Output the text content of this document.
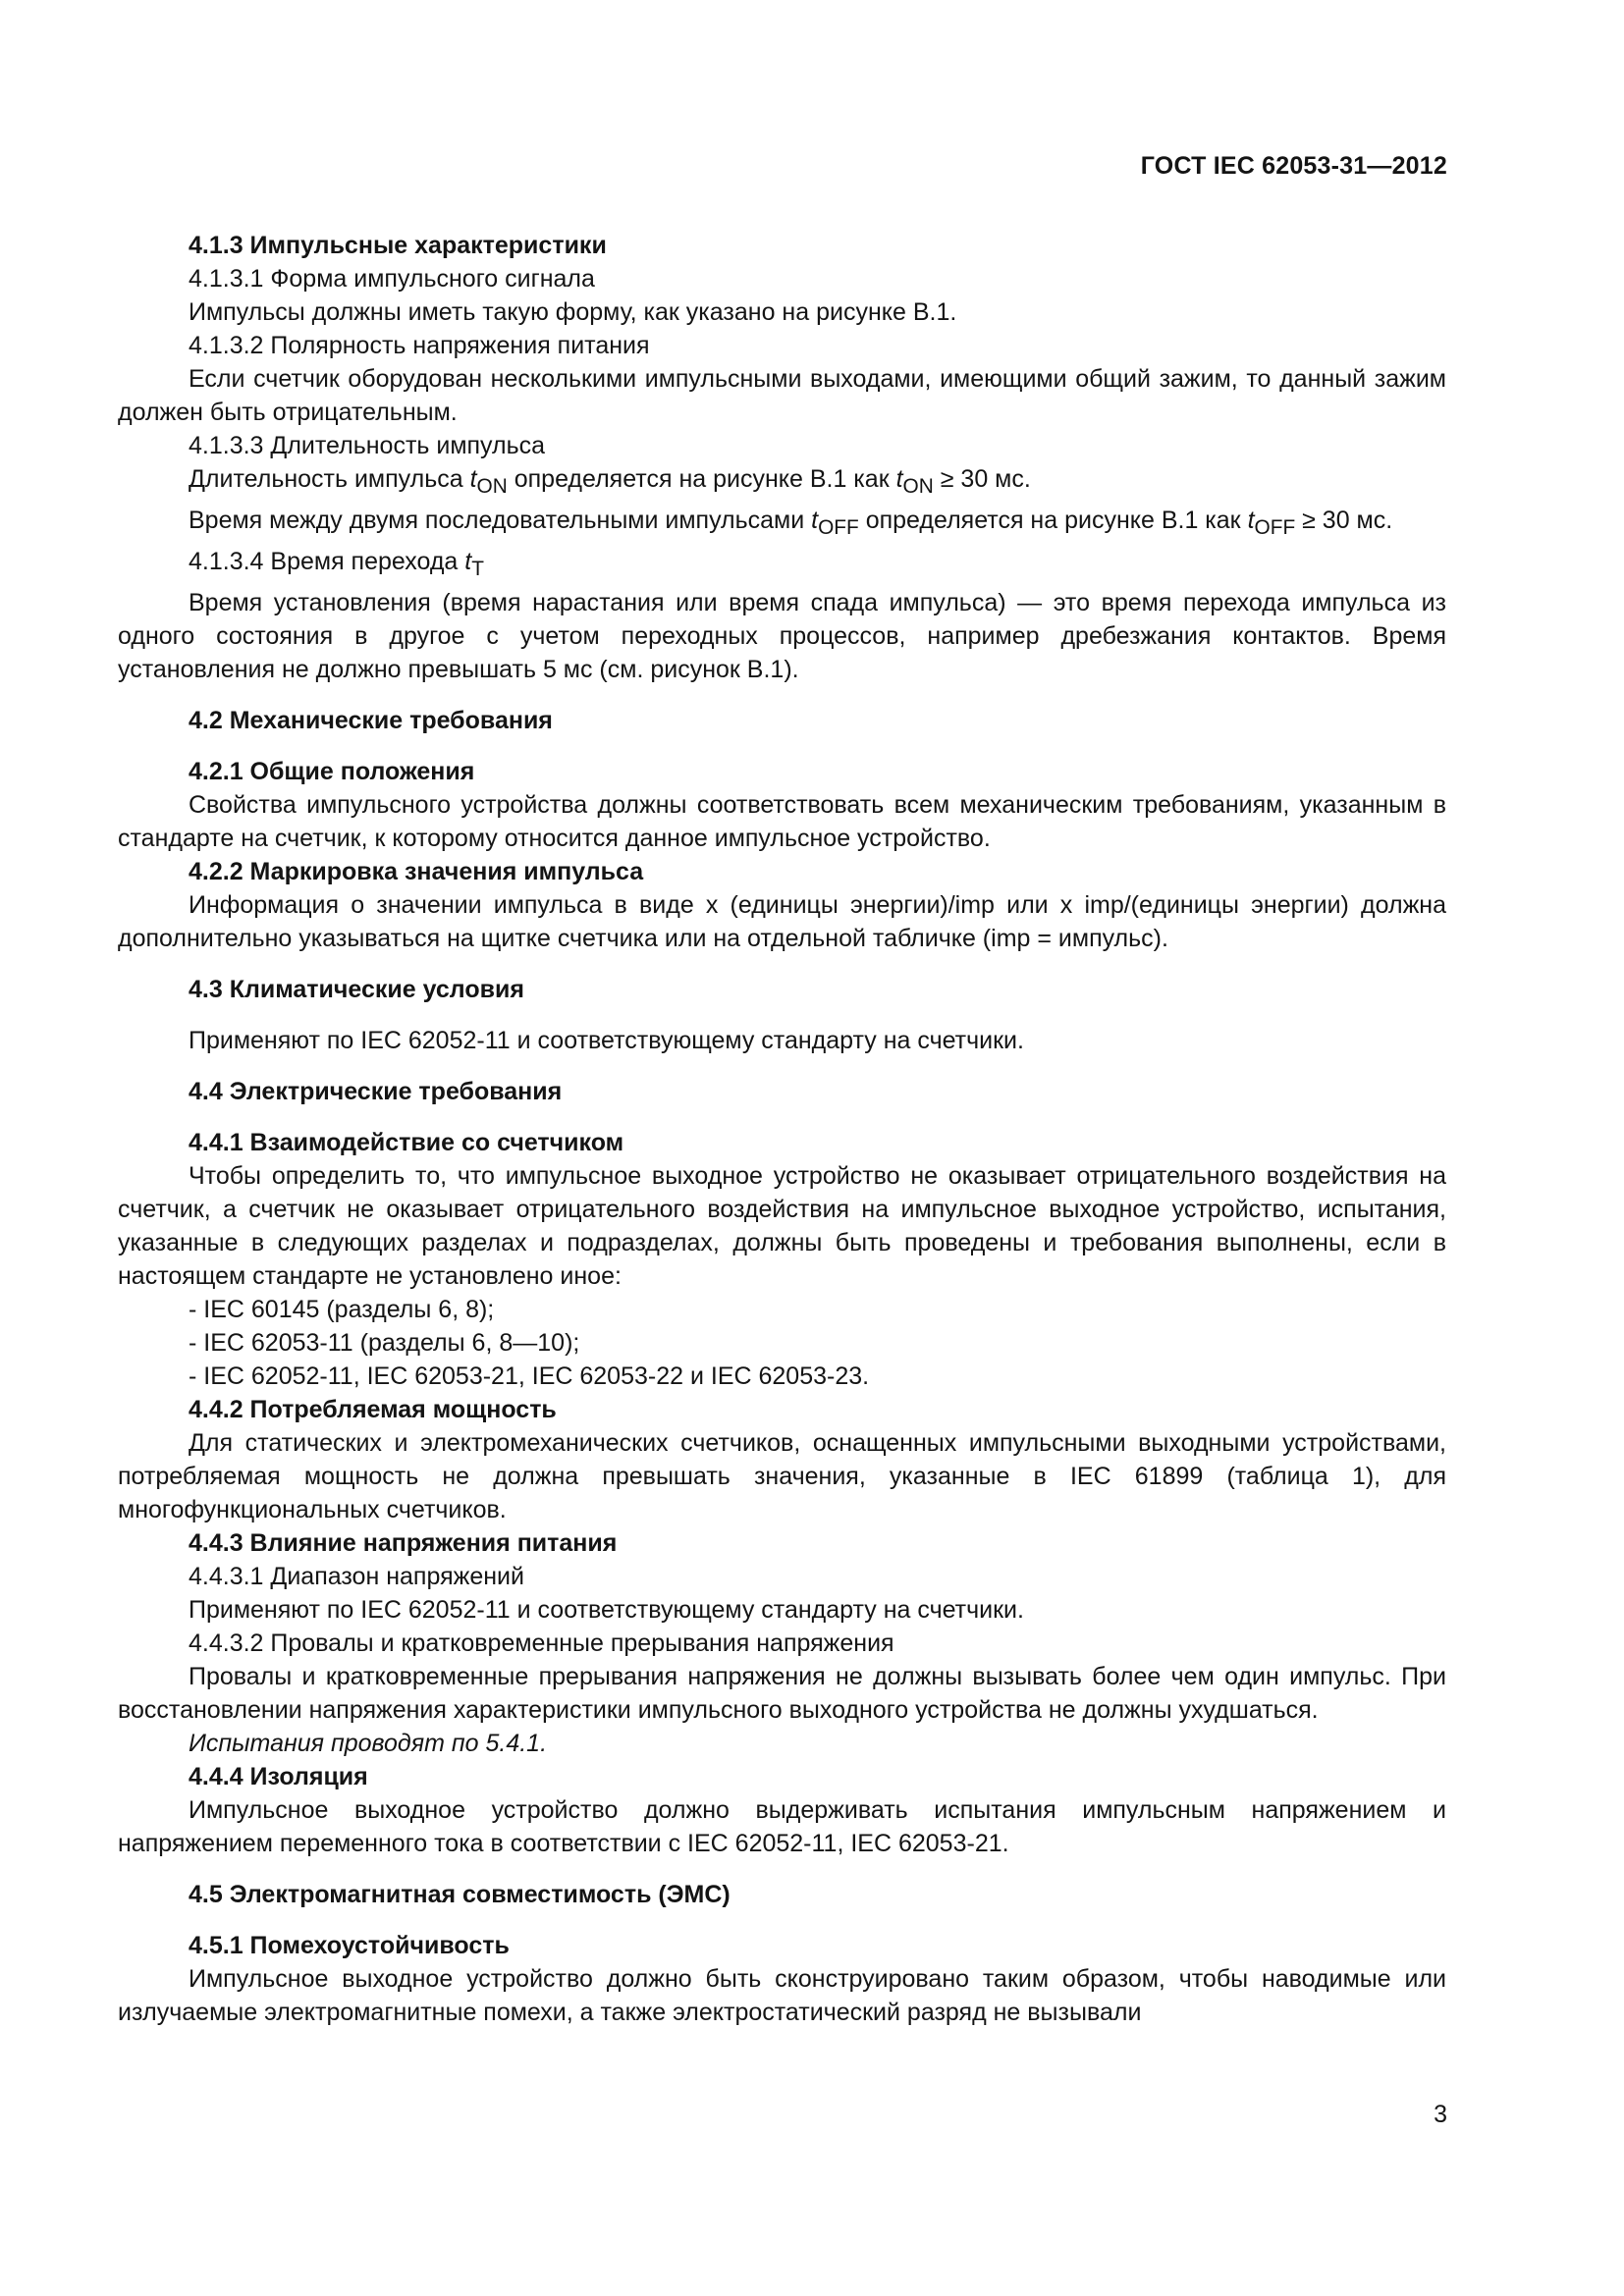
ГОСТ IEC 62053-31—2012

4.1.3 Импульсные характеристики

4.1.3.1 Форма импульсного сигнала

Импульсы должны иметь такую форму, как указано на рисунке B.1.

4.1.3.2 Полярность напряжения питания

Если счетчик оборудован несколькими импульсными выходами, имеющими общий зажим, то данный зажим должен быть отрицательным.

4.1.3.3 Длительность импульса

Длительность импульса $t_{ON}$ определяется на рисунке B.1 как $t_{ON} \ge 30$ мс.

Время между двумя последовательными импульсами $t_{OFF}$ определяется на рисунке B.1 как $t_{OFF} \ge 30$ мс.

4.1.3.4 Время перехода $t_T$

Время установления (время нарастания или время спада импульса) — это время перехода импульса из одного состояния в другое с учетом переходных процессов, например дребезжания контактов. Время установления не должно превышать 5 мс (см. рисунок B.1).

4.2 Механические требования

4.2.1 Общие положения

Свойства импульсного устройства должны соответствовать всем механическим требованиям, указанным в стандарте на счетчик, к которому относится данное импульсное устройство.

4.2.2 Маркировка значения импульса

Информация о значении импульса в виде x (единицы энергии)/imp или x imp/(единицы энергии) должна дополнительно указываться на щитке счетчика или на отдельной табличке (imp = импульс).

4.3 Климатические условия

Применяют по IEC 62052-11 и соответствующему стандарту на счетчики.

4.4 Электрические требования

4.4.1 Взаимодействие со счетчиком

Чтобы определить то, что импульсное выходное устройство не оказывает отрицательного воздействия на счетчик, а счетчик не оказывает отрицательного воздействия на импульсное выходное устройство, испытания, указанные в следующих разделах и подразделах, должны быть проведены и требования выполнены, если в настоящем стандарте не установлено иное:

- IEC 60145 (разделы 6, 8);

- IEC 62053-11 (разделы 6, 8—10);

- IEC 62052-11, IEC 62053-21, IEC 62053-22 и IEC 62053-23.

4.4.2 Потребляемая мощность

Для статических и электромеханических счетчиков, оснащенных импульсными выходными устройствами, потребляемая мощность не должна превышать значения, указанные в IEC 61899 (таблица 1), для многофункциональных счетчиков.

4.4.3 Влияние напряжения питания

4.4.3.1 Диапазон напряжений

Применяют по IEC 62052-11 и соответствующему стандарту на счетчики.

4.4.3.2 Провалы и кратковременные прерывания напряжения

Провалы и кратковременные прерывания напряжения не должны вызывать более чем один импульс. При восстановлении напряжения характеристики импульсного выходного устройства не должны ухудшаться.

Испытания проводят по 5.4.1.

4.4.4 Изоляция

Импульсное выходное устройство должно выдерживать испытания импульсным напряжением и напряжением переменного тока в соответствии с IEC 62052-11, IEC 62053-21.

4.5 Электромагнитная совместимость (ЭМС)

4.5.1 Помехоустойчивость

Импульсное выходное устройство должно быть сконструировано таким образом, чтобы наводимые или излучаемые электромагнитные помехи, а также электростатический разряд не вызывали

3
